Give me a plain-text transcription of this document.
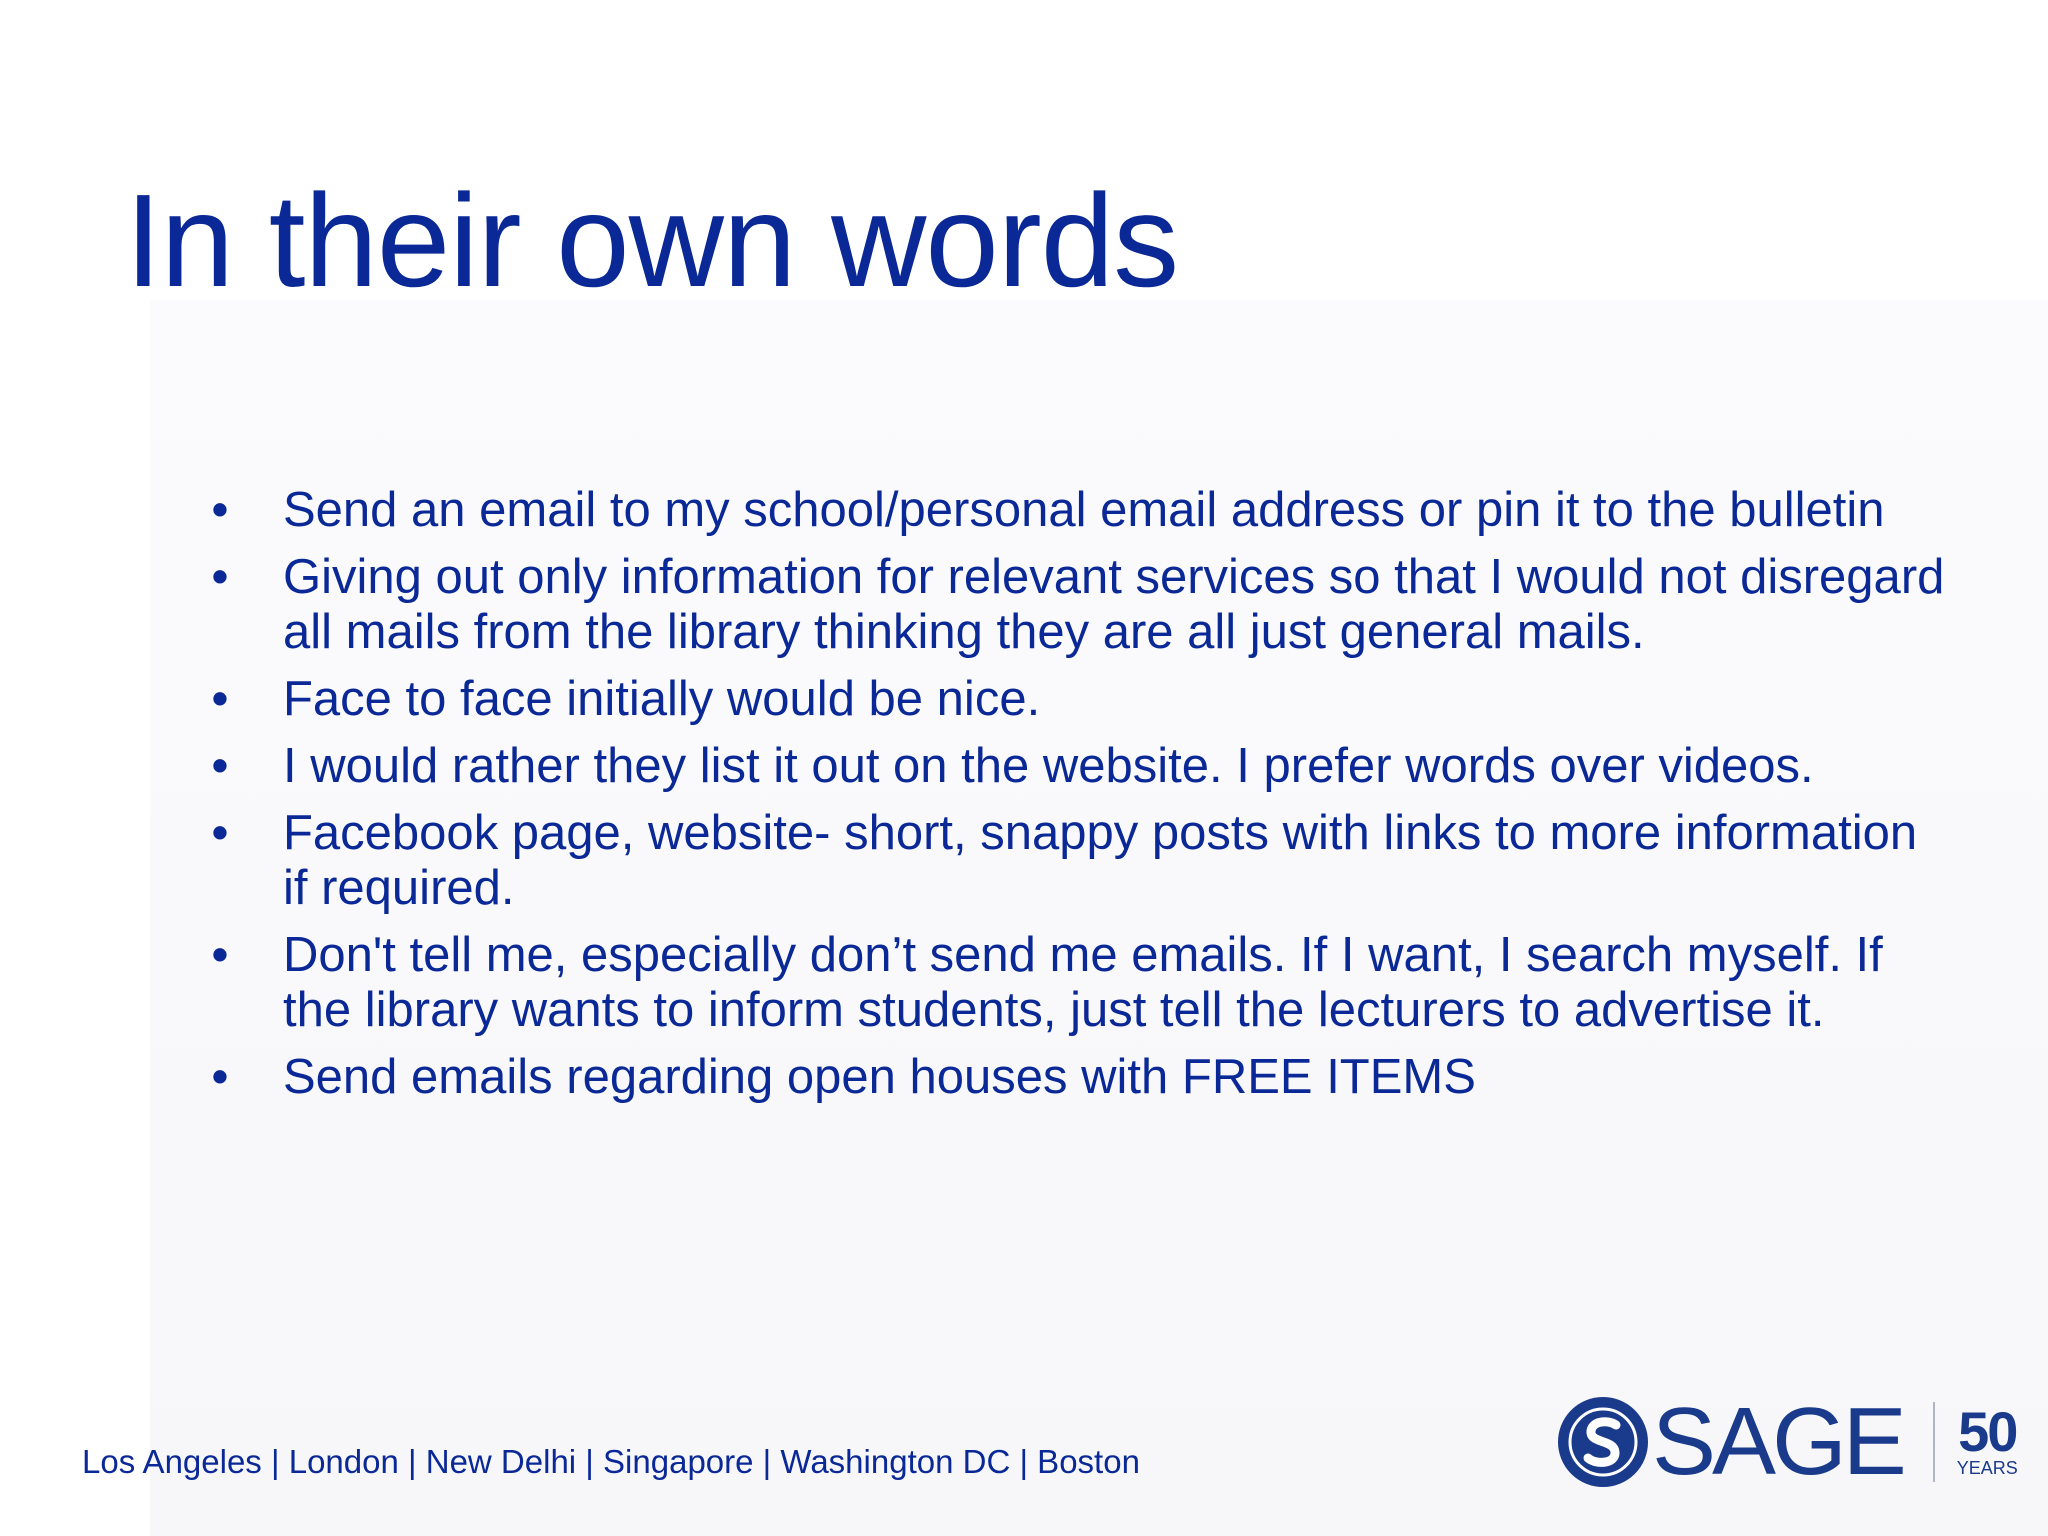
In their own words
• Send an email to my school/personal email address or pin it to the bulletin
• Giving out only information for relevant services so that I would not disregard all mails from the library thinking they are all just general mails.
• Face to face initially would be nice.
• I would rather they list it out on the website. I prefer words over videos.
• Facebook page, website- short, snappy posts with links to more information if required.
• Don't tell me, especially don’t send me emails. If I want, I search myself. If the library wants to inform students, just tell the lecturers to advertise it.
• Send emails regarding open houses with FREE ITEMS
Los Angeles | London | New Delhi | Singapore | Washington DC | Boston	SAGE 50
YEARS
